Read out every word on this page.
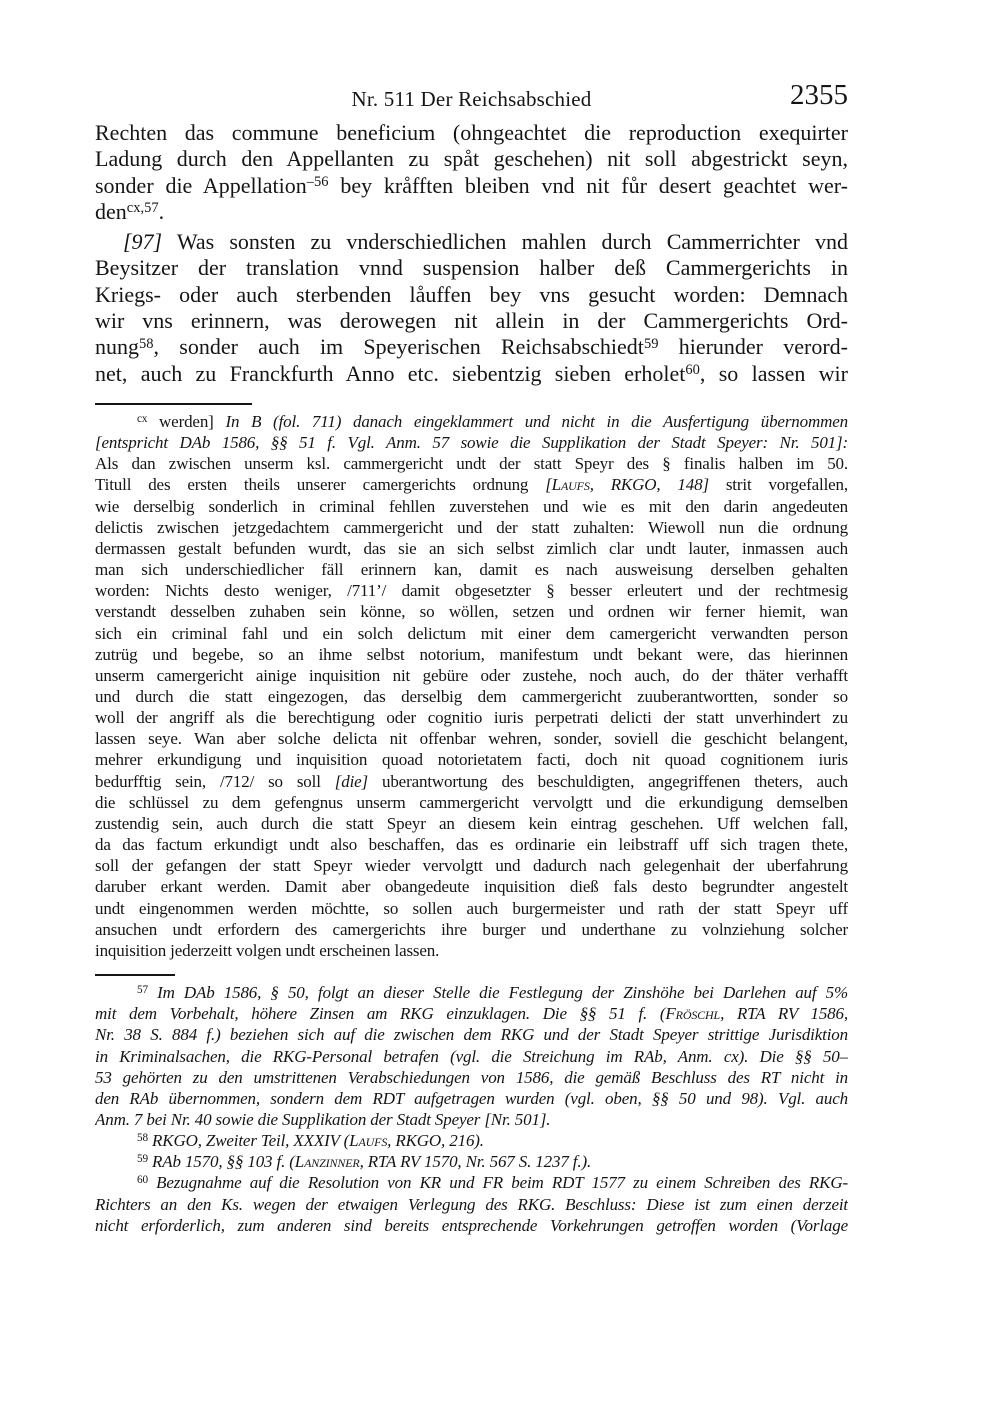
Nr. 511 Der Reichsabschied	2355
Rechten das commune beneficium (ohngeachtet die reproduction exequirter
Ladung durch den Appellanten zu spåt geschehen) nit soll abgestrickt seyn,
sonder die Appellation–56 bey kråfften bleiben vnd nit fůr desert geachtet wer-
dencx,57.
[97] Was sonsten zu vnderschiedlichen mahlen durch Cammerrichter vnd
Beysitzer der translation vnnd suspension halber deß Cammergerichts in
Kriegs- oder auch sterbenden låuffen bey vns gesucht worden: Demnach
wir vns erinnern, was derowegen nit allein in der Cammergerichts Ord-
nung58, sonder auch im Speyerischen Reichsabschiedt59 hierunder verord-
net, auch zu Franckfurth Anno etc. siebentzig sieben erholet60, so lassen wir
cx werden] In B (fol. 711) danach eingeklammert und nicht in die Ausfertigung übernommen
[entspricht DAb 1586, §§ 51 f. Vgl. Anm. 57 sowie die Supplikation der Stadt Speyer: Nr. 501]:
Als dan zwischen unserm ksl. cammergericht undt der statt Speyr des § finalis halben im 50.
Titull des ersten theils unserer camergerichts ordnung [Laufs, RKGO, 148] strit vorgefallen,
wie derselbig sonderlich in criminal fehllen zuverstehen und wie es mit den darin angedeuten
delictis zwischen jetzgedachtem cammergericht und der statt zuhalten: Wiewoll nun die ordnung
dermassen gestalt befunden wurdt, das sie an sich selbst zimlich clar undt lauter, inmassen auch
man sich underschiedlicher fäll erinnern kan, damit es nach ausweisung derselben gehalten
worden: Nichts desto weniger, /711’/ damit obgesetzter § besser erleutert und der rechtmesig
verstandt desselben zuhaben sein könne, so wöllen, setzen und ordnen wir ferner hiemit, wan
sich ein criminal fahl und ein solch delictum mit einer dem camergericht verwandten person
zutrüg und begebe, so an ihme selbst notorium, manifestum undt bekant were, das hierinnen
unserm camergericht ainige inquisition nit gebüre oder zustehe, noch auch, do der thäter verhafft
und durch die statt eingezogen, das derselbig dem cammergericht zuuberantwortten, sonder so
woll der angriff als die berechtigung oder cognitio iuris perpetrati delicti der statt unverhindert zu
lassen seye. Wan aber solche delicta nit offenbar wehren, sonder, soviell die geschicht belangent,
mehrer erkundigung und inquisition quoad notorietatem facti, doch nit quoad cognitionem iuris
bedurfftig sein, /712/ so soll [die] uberantwortung des beschuldigten, angegriffenen theters, auch
die schlüssel zu dem gefengnus unserm cammergericht vervolgtt und die erkundigung demselben
zustendig sein, auch durch die statt Speyr an diesem kein eintrag geschehen. Uff welchen fall,
da das factum erkundigt undt also beschaffen, das es ordinarie ein leibstraff uff sich tragen thete,
soll der gefangen der statt Speyr wieder vervolgtt und dadurch nach gelegenhait der uberfahrung
daruber erkant werden. Damit aber obangedeute inquisition dieß fals desto begrundter angestelt
undt eingenommen werden möchtte, so sollen auch burgermeister und rath der statt Speyr uff
ansuchen undt erfordern des camergerichts ihre burger und underthane zu volnziehung solcher
inquisition jederzeitt volgen undt erscheinen lassen.
57 Im DAb 1586, § 50, folgt an dieser Stelle die Festlegung der Zinshöhe bei Darlehen auf 5%
mit dem Vorbehalt, höhere Zinsen am RKG einzuklagen. Die §§ 51 f. (Fröschl, RTA RV 1586,
Nr. 38 S. 884 f.) beziehen sich auf die zwischen dem RKG und der Stadt Speyer strittige Jurisdiktion
in Kriminalsachen, die RKG-Personal betrafen (vgl. die Streichung im RAb, Anm. cx). Die §§ 50–
53 gehörten zu den umstrittenen Verabschiedungen von 1586, die gemäß Beschluss des RT nicht in
den RAb übernommen, sondern dem RDT aufgetragen wurden (vgl. oben, §§ 50 und 98). Vgl. auch
Anm. 7 bei Nr. 40 sowie die Supplikation der Stadt Speyer [Nr. 501].
58 RKGO, Zweiter Teil, XXXIV (Laufs, RKGO, 216).
59 RAb 1570, §§ 103 f. (Lanzinner, RTA RV 1570, Nr. 567 S. 1237 f.).
60 Bezugnahme auf die Resolution von KR und FR beim RDT 1577 zu einem Schreiben des RKG-
Richters an den Ks. wegen der etwaigen Verlegung des RKG. Beschluss: Diese ist zum einen derzeit
nicht erforderlich, zum anderen sind bereits entsprechende Vorkehrungen getroffen worden (Vorlage
